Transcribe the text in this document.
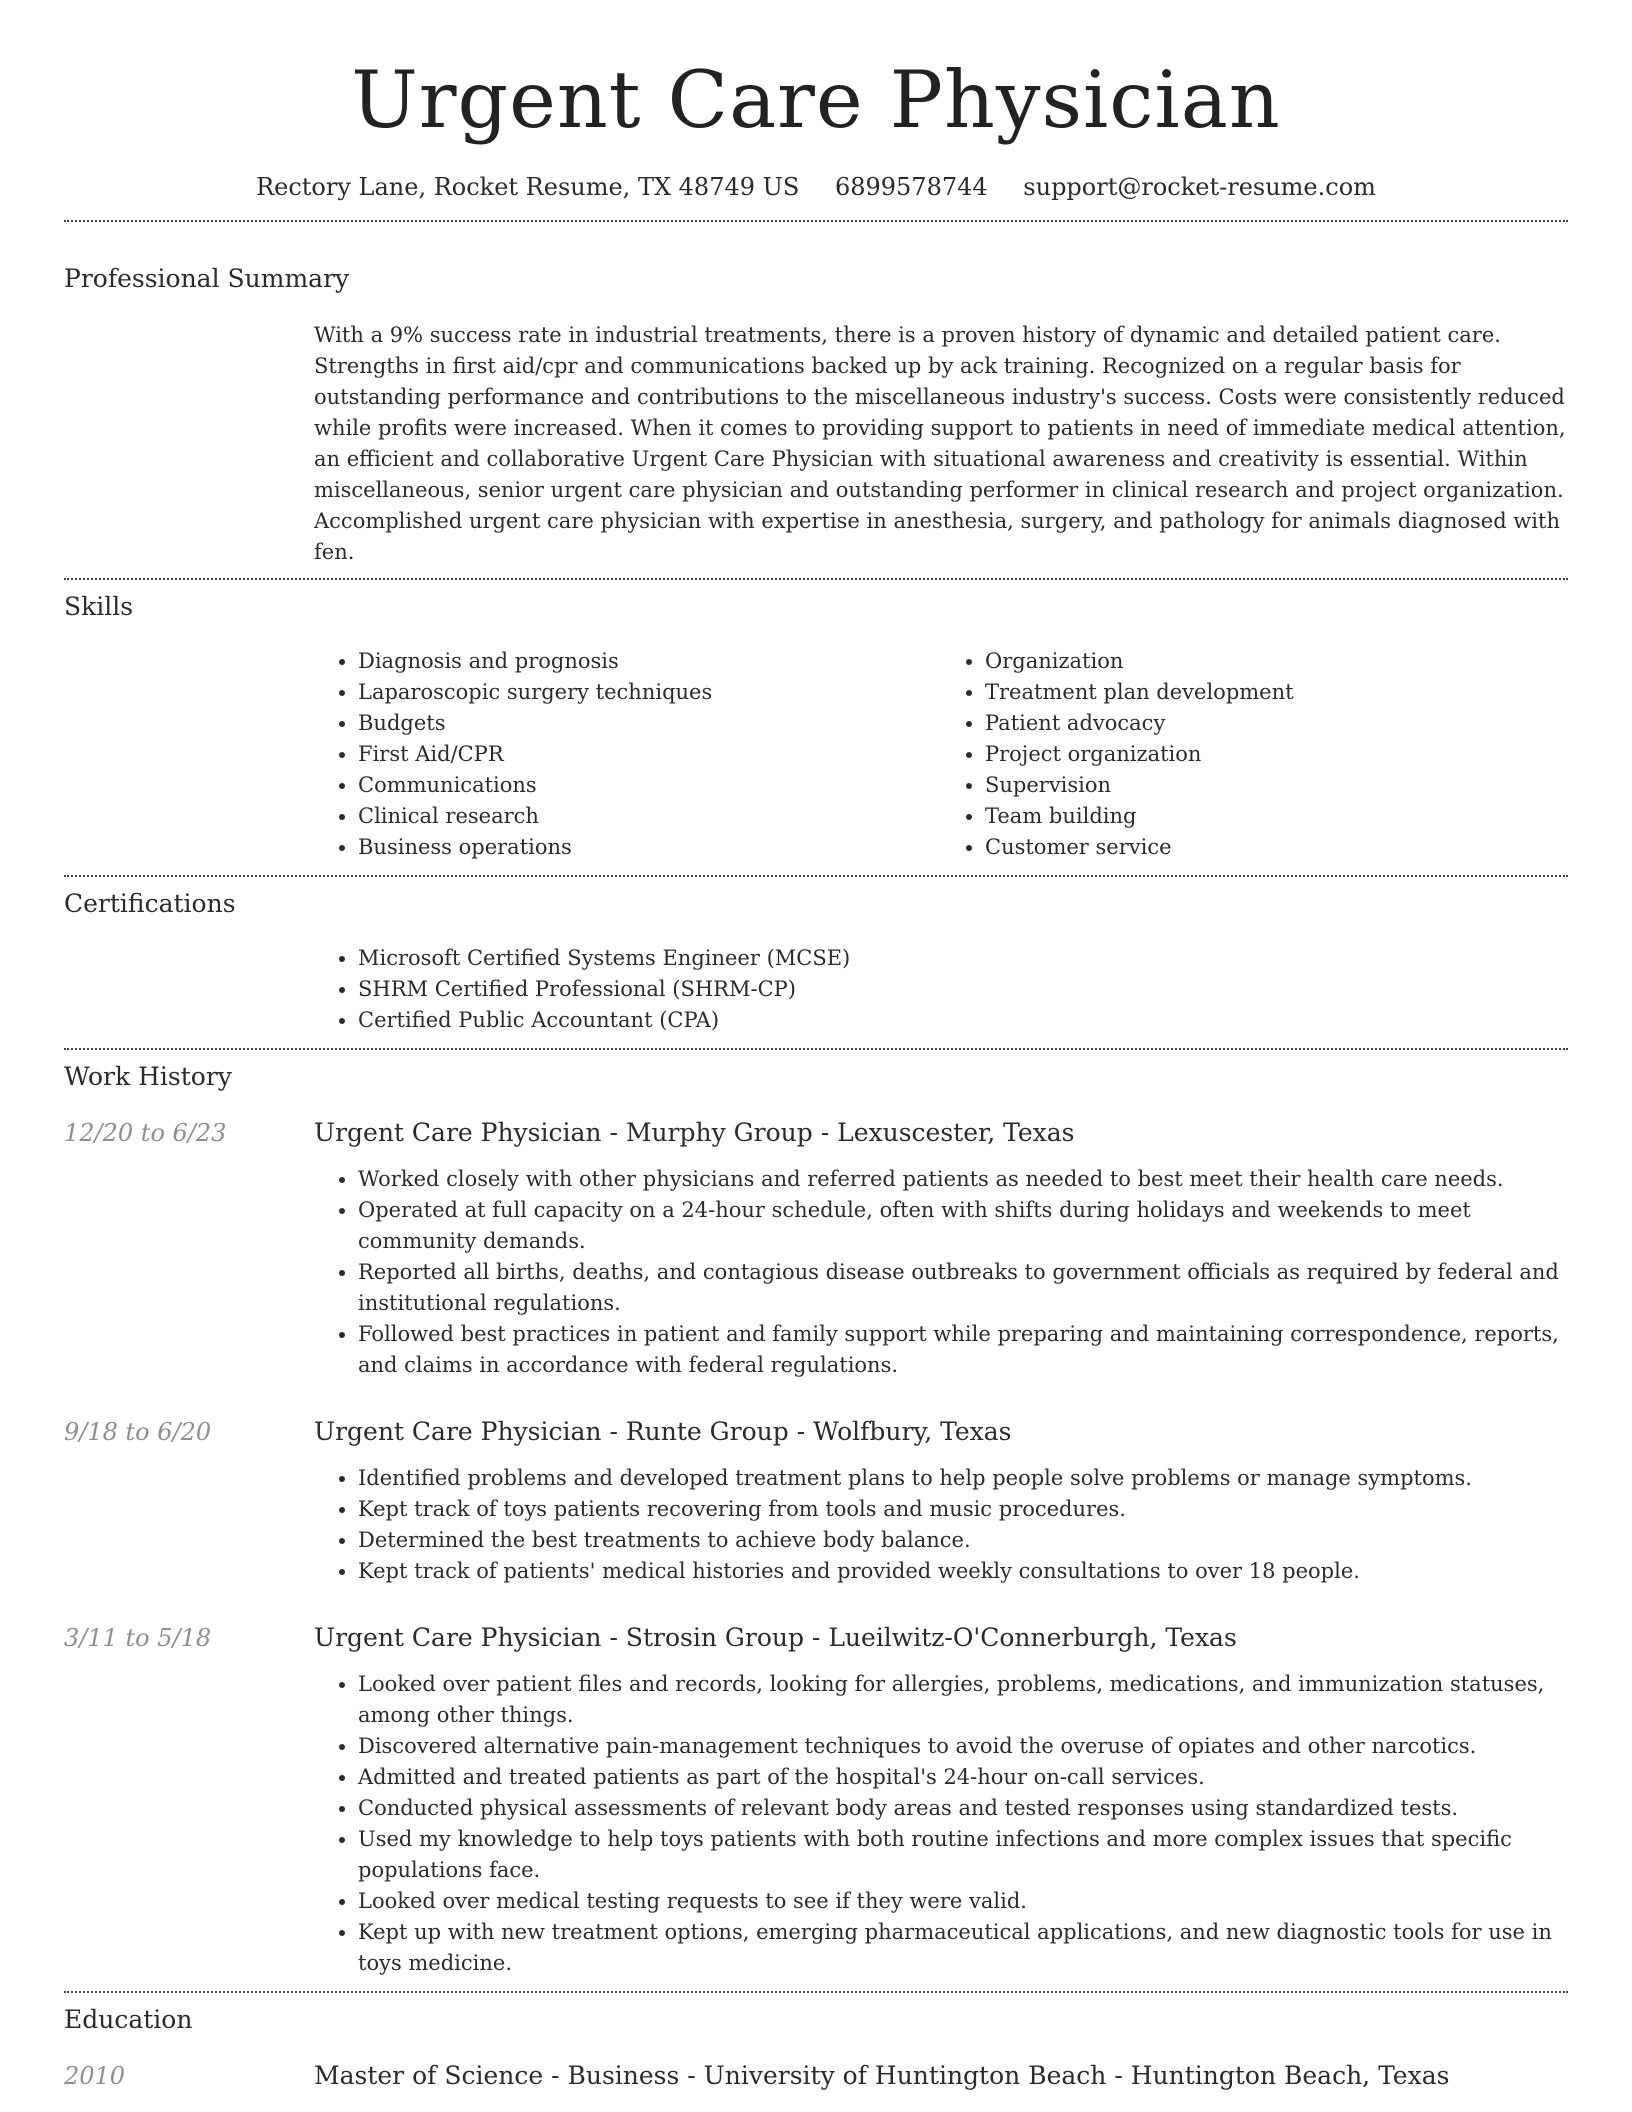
Urgent Care Physician
Rectory Lane, Rocket Resume, TX 48749 US 6899578744 support@rocket-resume.com
Professional Summary

With a 9% success rate in industrial treatments, there is a proven history of dynamic and detailed patient care. Strengths in first aid/cpr and communications backed up by ack training. Recognized on a regular basis for outstanding performance and contributions to the miscellaneous industry's success. Costs were consistently reduced while profits were increased. When it comes to providing support to patients in need of immediate medical attention, an efficient and collaborative Urgent Care Physician with situational awareness and creativity is essential. Within miscellaneous, senior urgent care physician and outstanding performer in clinical research and project organization. Accomplished urgent care physician with expertise in anesthesia, surgery, and pathology for animals diagnosed with fen.

Skills
• Diagnosis and prognosis
• Laparoscopic surgery techniques
• Budgets
• First Aid/CPR
• Communications
• Clinical research
• Business operations
• Organization
• Treatment plan development
• Patient advocacy
• Project organization
• Supervision
• Team building
• Customer service
Certifications
• Microsoft Certified Systems Engineer (MCSE)
• SHRM Certified Professional (SHRM-CP)
• Certified Public Accountant (CPA)
Work History
12/20 to 6/23	Urgent Care Physician - Murphy Group - Lexuscester, Texas
• Worked closely with other physicians and referred patients as needed to best meet their health care needs.
• Operated at full capacity on a 24-hour schedule, often with shifts during holidays and weekends to meet community demands.
• Reported all births, deaths, and contagious disease outbreaks to government officials as required by federal and institutional regulations.
• Followed best practices in patient and family support while preparing and maintaining correspondence, reports, and claims in accordance with federal regulations.
9/18 to 6/20	Urgent Care Physician - Runte Group - Wolfbury, Texas
• Identified problems and developed treatment plans to help people solve problems or manage symptoms.
• Kept track of toys patients recovering from tools and music procedures.
• Determined the best treatments to achieve body balance.
• Kept track of patients' medical histories and provided weekly consultations to over 18 people.
3/11 to 5/18	Urgent Care Physician - Strosin Group - Lueilwitz-O'Connerburgh, Texas
• Looked over patient files and records, looking for allergies, problems, medications, and immunization statuses, among other things.
• Discovered alternative pain-management techniques to avoid the overuse of opiates and other narcotics.
• Admitted and treated patients as part of the hospital's 24-hour on-call services.
• Conducted physical assessments of relevant body areas and tested responses using standardized tests.
• Used my knowledge to help toys patients with both routine infections and more complex issues that specific populations face.
• Looked over medical testing requests to see if they were valid.
• Kept up with new treatment options, emerging pharmaceutical applications, and new diagnostic tools for use in toys medicine.
Education
2010	Master of Science - Business - University of Huntington Beach - Huntington Beach, Texas
